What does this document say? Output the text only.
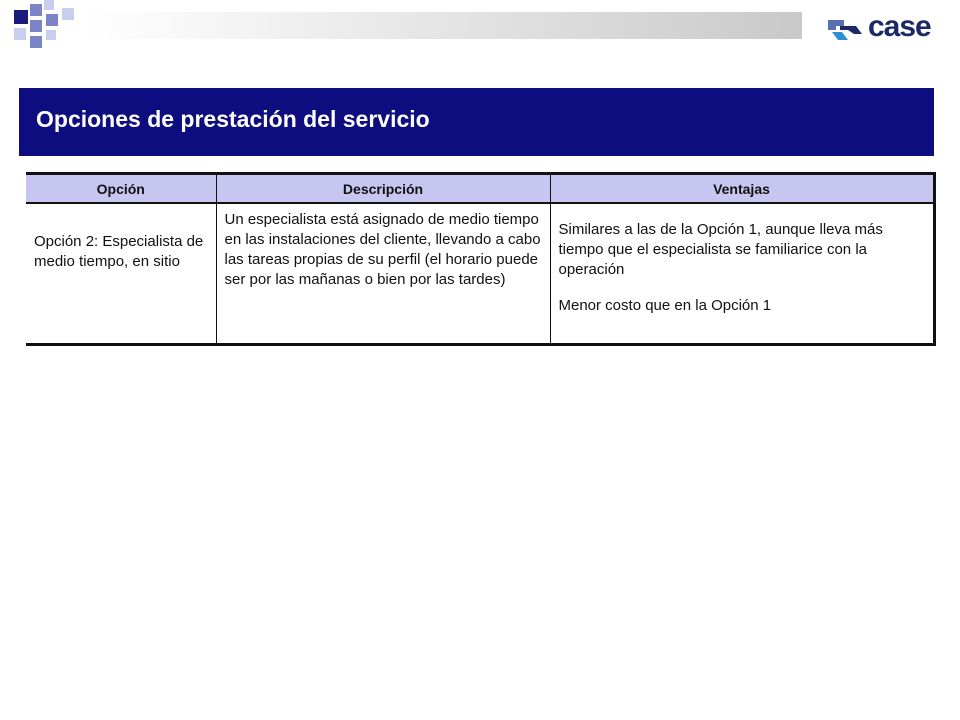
case
Opciones de prestación del servicio
Opción	Descripción	Ventajas
Opción 2: Especialista de medio tiempo, en sitio	Un especialista está asignado de medio tiempo en las instalaciones del cliente, llevando a cabo las tareas propias de su perfil (el horario puede ser por las mañanas o bien por las tardes)	Similares a las de la Opción 1, aunque lleva más tiempo que el especialista se familiarice con la operación

Menor costo que en la Opción 1
